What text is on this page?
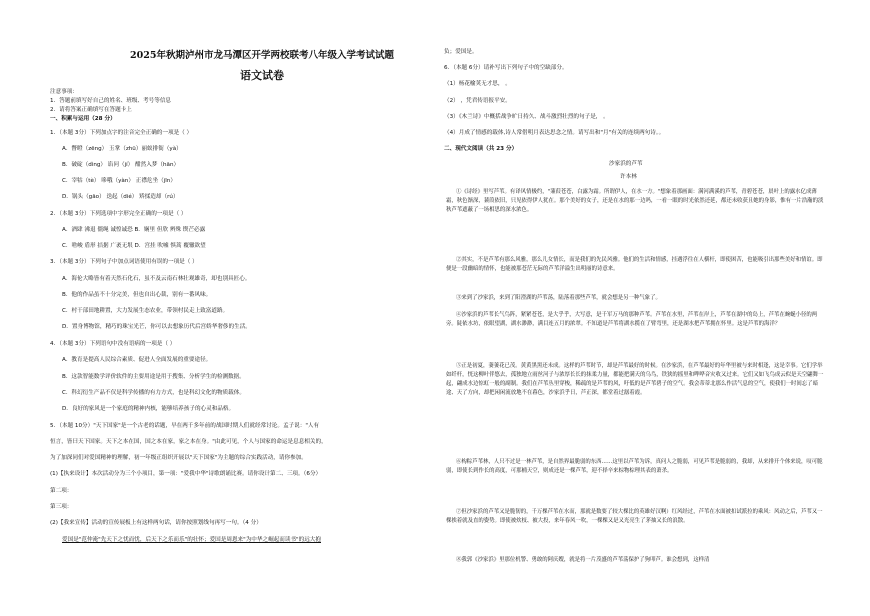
2025年秋期泸州市龙马潭区开学两校联考八年级入学考试试题
语文试卷
注意事项：
1．答题前填写好自己的姓名、班级、考号等信息
2．请将答案正确填写在答题卡上
一、积累与运用（28 分）
1．（本题 3分）下列加点字的注音完全正确的一项是（ ）
A．瞥瞪（zēng） 玉掌（zhū）丽蚁排衙（yà）
B．破碇（dìng） 谄问（jí） 酣然入梦（hān）
C．宰牯（tè） 哆哦（yàn） 正襟危坐（jīn）
D．锅头（gāo） 迭起（dié） 矫揉造却（rú）
2．（本题 3分）下列选项中字形完全正确的一项是（ ）
A．酒肆 沸退 僵绳 诚惶诚恐 B．娴里 但欣 辨殊 锲芒必露
C．啥峻 盾形 拮据 广袤无垠 D．宫挂 吹嘘 惧蒿 覆辙欲望
3．（本题 3分）下列句子中加点词语使用有误的一项是（ ）
A．海伦大略皆有着天然石化石，虽不及云南石林壮观雄奇，却也别具匠心。
B．他的作品虽不十分完美，但也自出心裁，别有一番风味。
C．村干部田地耕置，大力发展生态农业，带领村民走上致富道路。
D．置身博物馆，精巧的珠宝光芒，你可以去想象历代后宫娇华奢侈的生活。
4．（本题 3分）下列语句中没有语病的一项是（ ）
A．教育是提高人民综合素质、促进人全面发展的重要途径。
B．这款智能数学评价软件的主要用途是用于搜集、分析学生的检测数据。
C．科幻衍生产品不仅是科学传播的有力方式，也是科幻文化的物质载体。
D．良好的家风是一个家庭的精神内核，能够培养孩子的心灵和品格。
5．（本题 10分）"天下国家"是一个古老的话题，早在两千多年前的战国时期人们就经常讨论。孟子说："人有
恒言，皆曰天下国家。天下之本在国，国之本在家，家之本在身。"由此可见，个人与国家的命运是息息相关的，
为了加深同们对爱国精神的理解，初一年级正组织开展以"天下国家"为主题的综合实践活动，请你参加。
(1)【执来设计】本次活动分为三个小项目，第一项："爱我中华"诗歌朗诵比赛。请你设计第二、三项。（6分）
第二项：
第三项：
(2)【我来宣传】活动的宣传展板上有这样两句话，请你按照划线句再写一句。（4 分）
爱国是"范仲淹"先天下之忧而忧，后天下之乐而乐"的壮怀；爱国是周恩来"为中华之崛起而读书"的远大抱
负；爱国是。
6．（本题 6分）请补写出下列句子中的空缺部分。
（1）杨花榆荚无才思， 。
（2） ，凭君传语报平安。
（3）《木兰诗》中概括战争旷日持久、战斗激烈壮烈的句子是， 。
（4）月成了情感的载体,诗人常借明月表达思念之情。请写出和"月"有关的连续两句诗。。
二、现代文阅读（共 23 分）
沙家浜的芦苇
许本林
①《诗经》里写芦苇。有译风情极约，"蒹葭苍苍，白露为霜。所谓伊人，在水一方。"想象着那画面：满河满溪的芦苇，青碧苍苍，晨叶上的露水亿成薄霜，秋色渐深，蒹葭依旧，只见依得伊人犹在。那个美好的女子，还是在水的那一边吗，一看一眼的时光依然还延，都还未收获且她的身影，惟有一片浩瀚的淡秋芦苇遮蔽了一场相思的深水浓色。
②其实，不是芦苇有那么风雅，那么儿女情长，而是我们的先民风雅。他们的生活和情感，挂遇浮往在人横杆，即使困苦，也能吸引出那些美好和情谊。即便是一段幽暗的情怀，也能被那苍茫无际的芦苇洋溢生出明丽的诗意来。
③来到了沙家浜，来到了阳澄湖的芦苇荡，陆落着那些芦苇，就会想是另一种气象了。
④沙家浜的芦苇长气鸟阵，紧紧苍苍，是大乎乎，大写意，是千军万马的那种芦苇。芦苇在水里，芦苇在岸上，芦苇在湖中的岛上，芦苇在蜿蜒小径的两旁。陡依水坊，依眼望湖，湖水渺渺，满目连五月的浓翠。不知道是芦苇将湖水揽在了臂弯里，还是湖水把芦苇拥在怀里。这是芦苇的海洋？
⑤正是初夏，萋萋花已茂。黄黄黑黑还未成。这样的芦苇时节，却是芦苇最好的时候。在沙家浜，在芦苇最好的年华里被与来时相逢，这是幸事。它们学举如纤杆，恍这柳叶伴悠去，孤独地立雨丝河子与浓厚长长的抹柔力量，都能把满天的乌鸟，铁狭的摇里和哗哗音灾收又过来。它们又如飞鸟成云似是天空翩舞一起，翩成水边惊虹一般的副制。我们在芦苇丛里穿梭，稀疏的是芦苇的风，吁低的是芦苇碧子的空气。我会蒂蒂北那么作活气息的空气，使我们一时间忘了暗途、天了方向，却把闲闲流放地不在暮色，沙家浜乎日，芦正深，都堂着过潺着霞。
⑥构粽芦苇林，人只不过是一林芦苇，是自然界最脆弱的东西……这里以芦苇为诉，真问人之脆弱，可见芦苇是脆弱的，我却，从来排开个体来说，叹可脆弱，即使长到作长的高度，可那桶天空，则成还是一棵芦苇，迎不择辛来棕物棕理其表的萧杀。
⑦但沙家浜的芦苇又是脆韧的，千万棵芦苇在水而，那就是数要了较大棵比的英雄好汉啊）红风经过，芦苇在水面被扣试派拉的乘风：风动之后，芦苇又一棵挨着就及直的姿势。即使被炊枝、被大投，来年春风一吹，一棵棵又是又光亮生了茅抽又长的浪散。
⑧我郭《沙家浜》里那位机警、勇敢的阿庆嫂，就是将一片茂盛的芦苇荡保护了狗叩芦。谁会想到，这样清
